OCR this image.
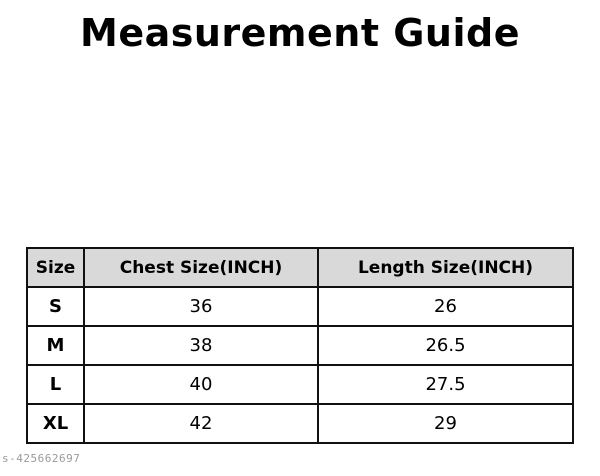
Measurement Guide
Size	Chest Size(INCH)	Length Size(INCH)
S	36	26
M	38	26.5
L	40	27.5
XL	42	29
s-425662697
